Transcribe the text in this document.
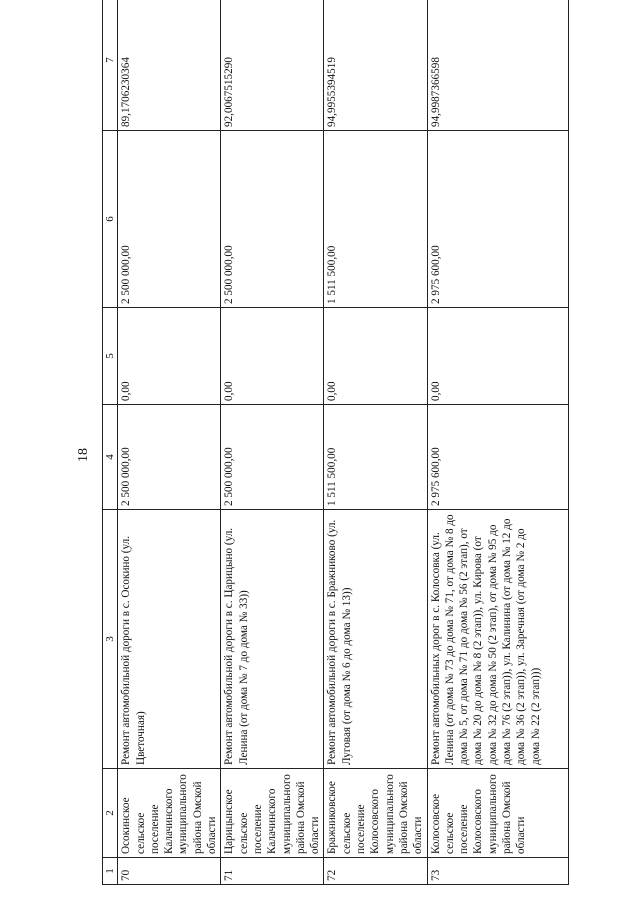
18
1	2	3	4	5	6	7
70	Осокинское сельское поселение Калачинского муниципального района Омской области	Ремонт автомобильной дороги в с. Осокино (ул. Цветочная)	2 500 000,00	0,00	2 500 000,00	89,1706230364
71	Царицынское сельское поселение Калачинского муниципального района Омской области	Ремонт автомобильной дороги в с. Царицыно (ул. Ленина (от дома № 7 до дома № 33))	2 500 000,00	0,00	2 500 000,00	92,0067515290
72	Бражниковское сельское поселение Колосовского муниципального района Омской области	Ремонт автомобильной дороги в с. Бражниково (ул. Луговая (от дома № 6 до дома № 13))	1 511 500,00	0,00	1 511 500,00	94,9955394519
73	Колосовское сельское поселение Колосовского муниципального района Омской области	Ремонт автомобильных дорог в с. Колосовка (ул. Ленина (от дома № 73 до дома № 71, от дома № 8 до дома № 5, от дома № 71 до дома № 56 (2 этап), от дома № 20 до дома № 8 (2 этап)), ул. Кирова (от дома № 32 до дома № 50 (2 этап), от дома № 95 до дома № 76 (2 этап)), ул. Калинина (от дома № 12 до дома № 36 (2 этап)), ул. Заречная (от дома № 2 до дома № 22 (2 этап)))	2 975 600,00	0,00	2 975 600,00	94,9987366598
